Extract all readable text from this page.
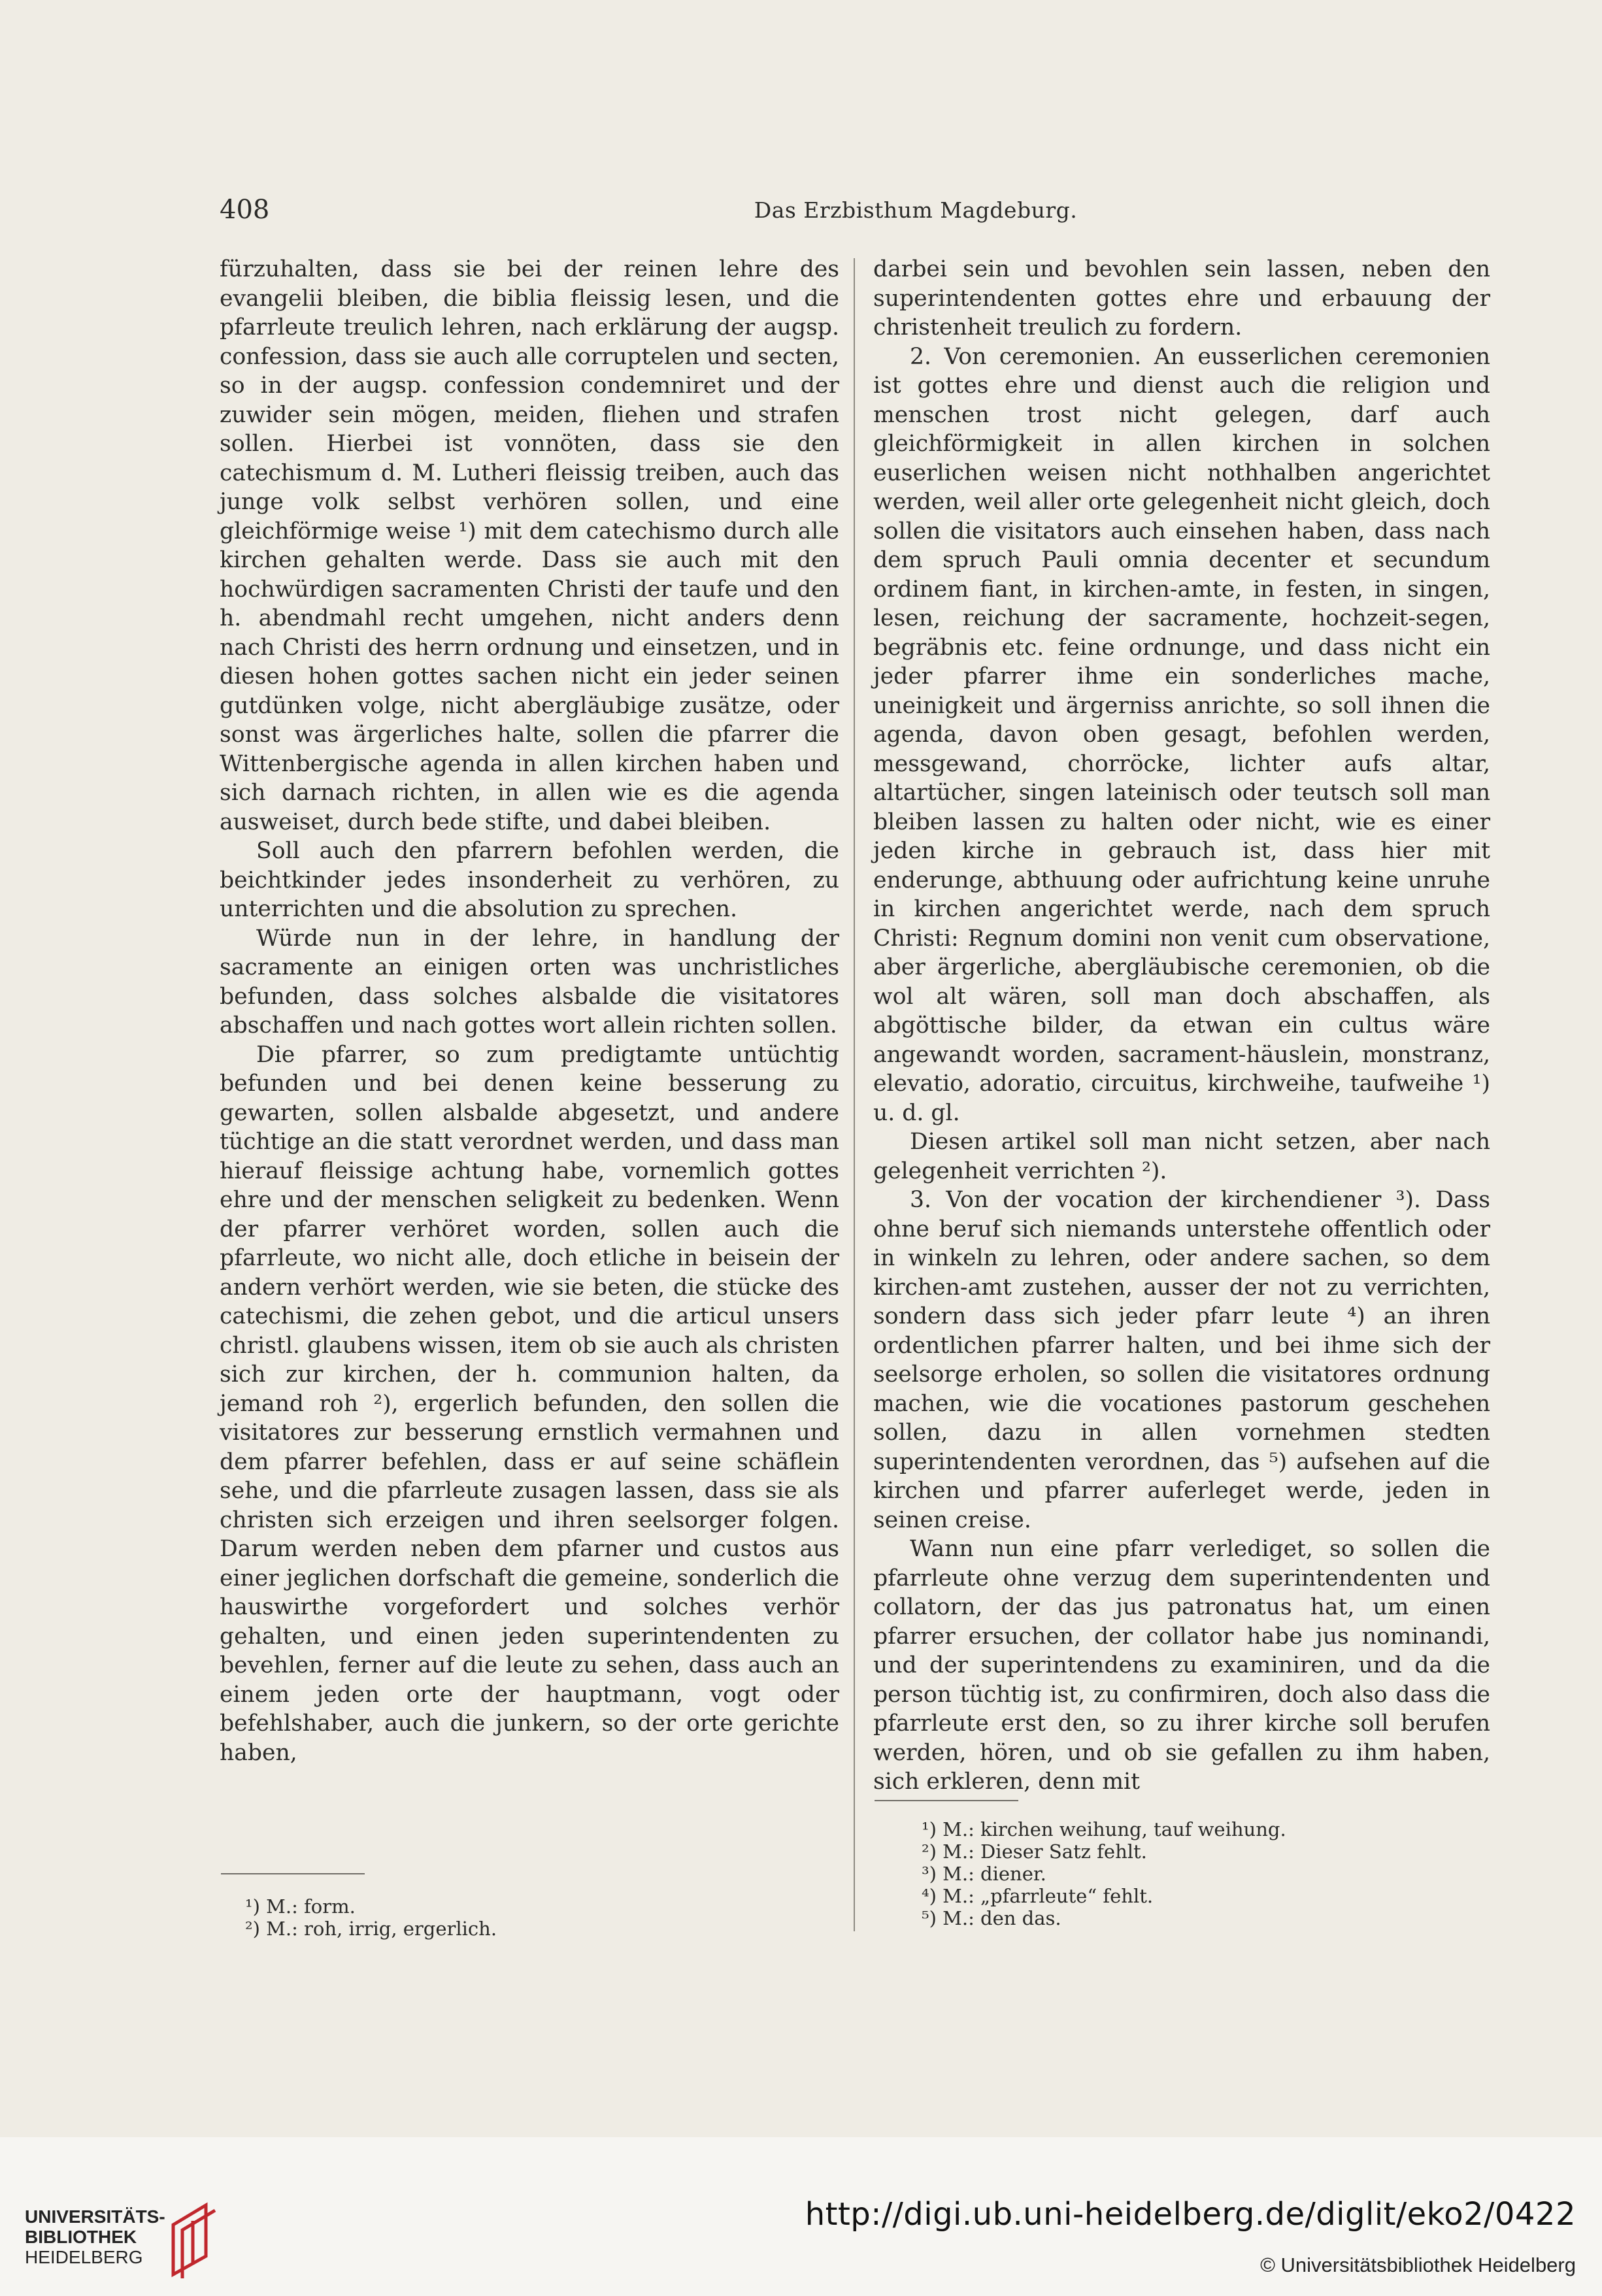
408	Das Erzbisthum Magdeburg.

fürzuhalten, dass sie bei der reinen lehre des evangelii bleiben, die biblia fleissig lesen, und die pfarrleute treulich lehren, nach erklärung der augsp. confession, dass sie auch alle corruptelen und secten, so in der augsp. confession condemniret und der zuwider sein mögen, meiden, fliehen und strafen sollen. Hierbei ist vonnöten, dass sie den catechismum d. M. Lutheri fleissig treiben, auch das junge volk selbst verhören sollen, und eine gleichförmige weise ¹) mit dem catechismo durch alle kirchen gehalten werde. Dass sie auch mit den hochwürdigen sacramenten Christi der taufe und den h. abendmahl recht umgehen, nicht anders denn nach Christi des herrn ordnung und einsetzen, und in diesen hohen gottes sachen nicht ein jeder seinen gutdünken volge, nicht abergläubige zusätze, oder sonst was ärgerliches halte, sollen die pfarrer die Wittenbergische agenda in allen kirchen haben und sich darnach richten, in allen wie es die agenda ausweiset, durch bede stifte, und dabei bleiben.

Soll auch den pfarrern befohlen werden, die beichtkinder jedes insonderheit zu verhören, zu unterrichten und die absolution zu sprechen.

Würde nun in der lehre, in handlung der sacramente an einigen orten was unchristliches befunden, dass solches alsbalde die visitatores abschaffen und nach gottes wort allein richten sollen.

Die pfarrer, so zum predigtamte untüchtig befunden und bei denen keine besserung zu gewarten, sollen alsbalde abgesetzt, und andere tüchtige an die statt verordnet werden, und dass man hierauf fleissige achtung habe, vornemlich gottes ehre und der menschen seligkeit zu bedenken. Wenn der pfarrer verhöret worden, sollen auch die pfarrleute, wo nicht alle, doch etliche in beisein der andern verhört werden, wie sie beten, die stücke des catechismi, die zehen gebot, und die articul unsers christl. glaubens wissen, item ob sie auch als christen sich zur kirchen, der h. communion halten, da jemand roh ²), ergerlich befunden, den sollen die visitatores zur besserung ernstlich vermahnen und dem pfarrer befehlen, dass er auf seine schäflein sehe, und die pfarrleute zusagen lassen, dass sie als christen sich erzeigen und ihren seelsorger folgen. Darum werden neben dem pfarner und custos aus einer jeglichen dorfschaft die gemeine, sonderlich die hauswirthe vorgefordert und solches verhör gehalten, und einen jeden superintendenten zu bevehlen, ferner auf die leute zu sehen, dass auch an einem jeden orte der hauptmann, vogt oder befehlshaber, auch die junkern, so der orte gerichte haben,

darbei sein und bevohlen sein lassen, neben den superintendenten gottes ehre und erbauung der christenheit treulich zu fordern.

2. Von ceremonien. An eusserlichen ceremonien ist gottes ehre und dienst auch die religion und menschen trost nicht gelegen, darf auch gleichförmigkeit in allen kirchen in solchen euserlichen weisen nicht nothhalben angerichtet werden, weil aller orte gelegenheit nicht gleich, doch sollen die visitators auch einsehen haben, dass nach dem spruch Pauli omnia decenter et secundum ordinem fiant, in kirchen-amte, in festen, in singen, lesen, reichung der sacramente, hochzeit-segen, begräbnis etc. feine ordnunge, und dass nicht ein jeder pfarrer ihme ein sonderliches mache, uneinigkeit und ärgerniss anrichte, so soll ihnen die agenda, davon oben gesagt, befohlen werden, messgewand, chorröcke, lichter aufs altar, altartücher, singen lateinisch oder teutsch soll man bleiben lassen zu halten oder nicht, wie es einer jeden kirche in gebrauch ist, dass hier mit enderunge, abthuung oder aufrichtung keine unruhe in kirchen angerichtet werde, nach dem spruch Christi: Regnum domini non venit cum observatione, aber ärgerliche, abergläubische ceremonien, ob die wol alt wären, soll man doch abschaffen, als abgöttische bilder, da etwan ein cultus wäre angewandt worden, sacrament-häuslein, monstranz, elevatio, adoratio, circuitus, kirchweihe, taufweihe ¹) u. d. gl.

Diesen artikel soll man nicht setzen, aber nach gelegenheit verrichten ²).

3. Von der vocation der kirchendiener ³). Dass ohne beruf sich niemands unterstehe offentlich oder in winkeln zu lehren, oder andere sachen, so dem kirchen-amt zustehen, ausser der not zu verrichten, sondern dass sich jeder pfarr leute ⁴) an ihren ordentlichen pfarrer halten, und bei ihme sich der seelsorge erholen, so sollen die visitatores ordnung machen, wie die vocationes pastorum geschehen sollen, dazu in allen vornehmen stedten superintendenten verordnen, das ⁵) aufsehen auf die kirchen und pfarrer auferleget werde, jeden in seinen creise.

Wann nun eine pfarr verlediget, so sollen die pfarrleute ohne verzug dem superintendenten und collatorn, der das jus patronatus hat, um einen pfarrer ersuchen, der collator habe jus nominandi, und der superintendens zu examiniren, und da die person tüchtig ist, zu confirmiren, doch also dass die pfarrleute erst den, so zu ihrer kirche soll berufen werden, hören, und ob sie gefallen zu ihm haben, sich erkleren, denn mit

¹) M.: form.
²) M.: roh, irrig, ergerlich.
¹) M.: kirchen weihung, tauf weihung.
²) M.: Dieser Satz fehlt.
³) M.: diener.
⁴) M.: „pfarrleute“ fehlt.
⁵) M.: den das.
UNIVERSITÄTS-
BIBLIOTHEK
HEIDELBERG
http://digi.ub.uni-heidelberg.de/diglit/eko2/0422
© Universitätsbibliothek Heidelberg
